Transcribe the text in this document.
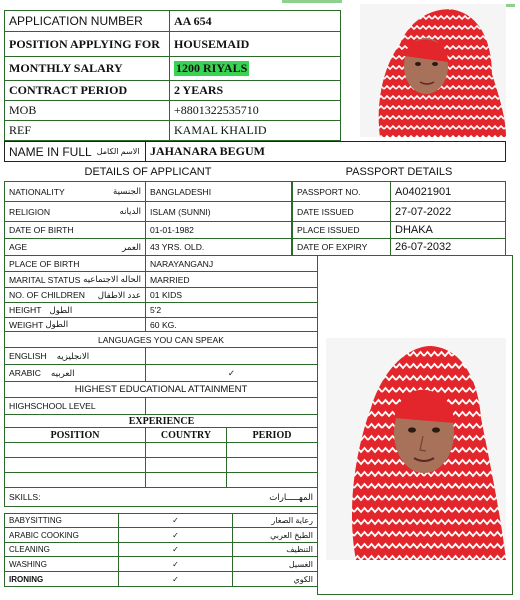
APPLICATION NUMBER	AA 654
POSITION APPLYING FOR	HOUSEMAID
MONTHLY SALARY	1200 RIYALS
CONTRACT PERIOD	2 YEARS
MOB	+8801322535710
REF	KAMAL KHALID
NAME IN FULL الاسم الكامل JAHANARA BEGUM
DETAILS OF APPLICANT	PASSPORT DETAILS
NATIONALITY	الجنسية	BANGLADESHI
RELIGION	الديانه	ISLAM (SUNNI)
DATE OF BIRTH	01-01-1982
AGE	العمر	43 YRS. OLD.
PLACE OF BIRTH	NARAYANGANJ
MARITAL STATUS الحاله الاجتماعيه	MARRIED
NO. OF CHILDREN عدد الاطفال	01 KIDS
HEIGHT الطول	5'2
WEIGHT الطول	60 KG.
PASSPORT NO.	A04021901
DATE ISSUED	27-07-2022
PLACE ISSUED	DHAKA
DATE OF EXPIRY	26-07-2032
LANGUAGES YOU CAN SPEAK
ENGLISH الانجليزيه
ARABIC العربيه	✓
HIGHEST EDUCATIONAL ATTAINMENT
HIGHSCHOOL LEVEL
EXPERIENCE
POSITION	COUNTRY	PERIOD
SKILLS:	المهـــــارات
BABYSITTING	✓	رعاية الصغار
ARABIC COOKING	✓	الطبخ العربي
CLEANING	✓	التنظيف
WASHING	✓	الغسيل
IRONING	✓	الكوي
